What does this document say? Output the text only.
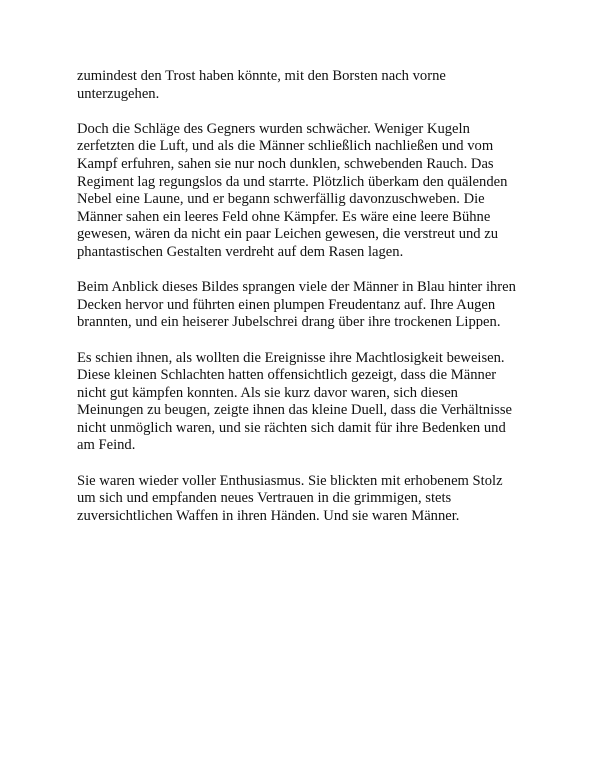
zumindest den Trost haben könnte, mit den Borsten nach vorne
unterzugehen.

Doch die Schläge des Gegners wurden schwächer. Weniger Kugeln
zerfetzten die Luft, und als die Männer schließlich nachließen und vom
Kampf erfuhren, sahen sie nur noch dunklen, schwebenden Rauch. Das
Regiment lag regungslos da und starrte. Plötzlich überkam den quälenden
Nebel eine Laune, und er begann schwerfällig davonzuschweben. Die
Männer sahen ein leeres Feld ohne Kämpfer. Es wäre eine leere Bühne
gewesen, wären da nicht ein paar Leichen gewesen, die verstreut und zu
phantastischen Gestalten verdreht auf dem Rasen lagen.

Beim Anblick dieses Bildes sprangen viele der Männer in Blau hinter ihren
Decken hervor und führten einen plumpen Freudentanz auf. Ihre Augen
brannten, und ein heiserer Jubelschrei drang über ihre trockenen Lippen.

Es schien ihnen, als wollten die Ereignisse ihre Machtlosigkeit beweisen.
Diese kleinen Schlachten hatten offensichtlich gezeigt, dass die Männer
nicht gut kämpfen konnten. Als sie kurz davor waren, sich diesen
Meinungen zu beugen, zeigte ihnen das kleine Duell, dass die Verhältnisse
nicht unmöglich waren, und sie rächten sich damit für ihre Bedenken und
am Feind.

Sie waren wieder voller Enthusiasmus. Sie blickten mit erhobenem Stolz
um sich und empfanden neues Vertrauen in die grimmigen, stets
zuversichtlichen Waffen in ihren Händen. Und sie waren Männer.
